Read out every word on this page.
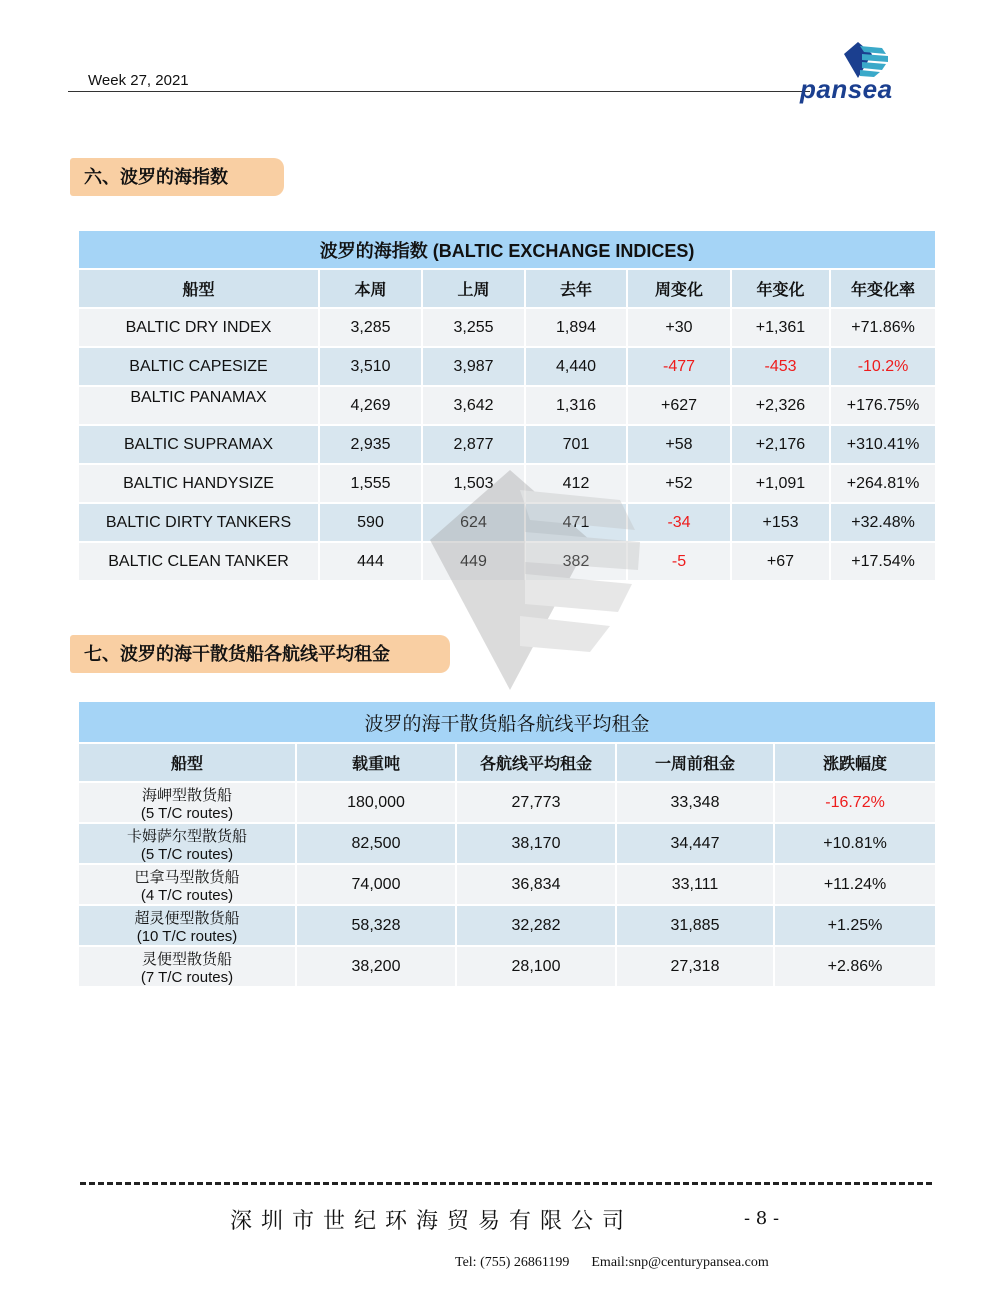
Week 27, 2021	pansea
六、波罗的海指数
波罗的海指数 (BALTIC EXCHANGE INDICES)						
船型	本周	上周	去年	周变化	年变化	年变化率
BALTIC DRY INDEX	3,285	3,255	1,894	+30	+1,361	+71.86%
BALTIC CAPESIZE	3,510	3,987	4,440	-477	-453	-10.2%
BALTIC PANAMAX	4,269	3,642	1,316	+627	+2,326	+176.75%
BALTIC SUPRAMAX	2,935	2,877	701	+58	+2,176	+310.41%
BALTIC HANDYSIZE	1,555	1,503	412	+52	+1,091	+264.81%
BALTIC DIRTY TANKERS	590	624	471	-34	+153	+32.48%
BALTIC CLEAN TANKER	444	449	382	-5	+67	+17.54%
七、波罗的海干散货船各航线平均租金
波罗的海干散货船各航线平均租金				
船型	载重吨	各航线平均租金	一周前租金	涨跌幅度

海岬型散货船
(5 T/C routes)	180,000	27,773	33,348	-16.72%

卡姆萨尔型散货船
(5 T/C routes)	82,500	38,170	34,447	+10.81%

巴拿马型散货船
(4 T/C routes)	74,000	36,834	33,111	+11.24%

超灵便型散货船
(10 T/C routes)	58,328	32,282	31,885	+1.25%

灵便型散货船
(7 T/C routes)	38,200	28,100	27,318	+2.86%
深圳市世纪环海贸易有限公司	- 8 -
Tel: (755) 26861199 Email:snp@centurypansea.com
